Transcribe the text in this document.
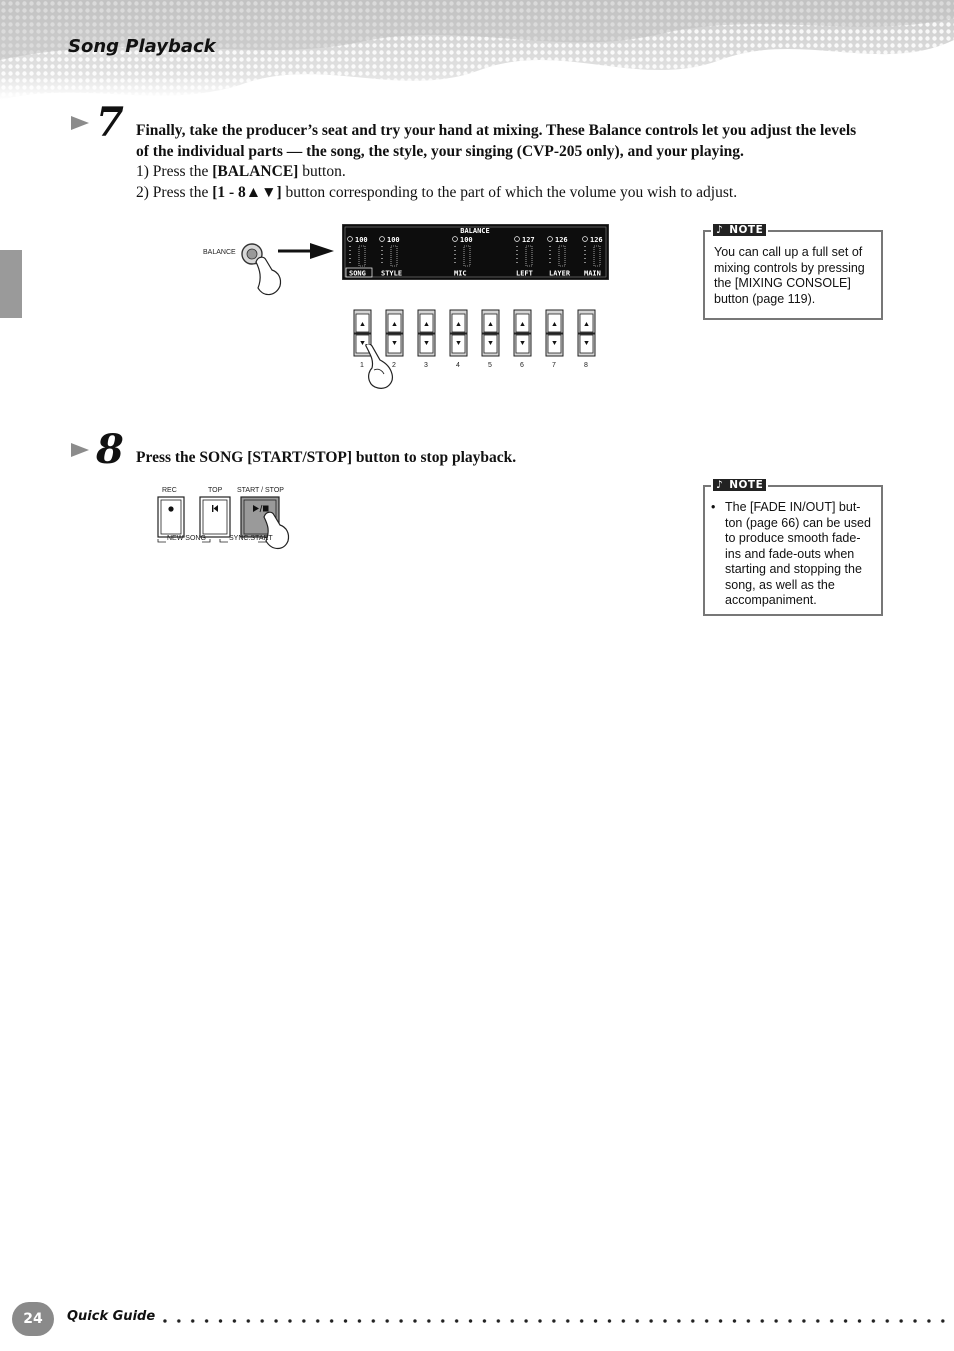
Song Playback
7 Finally, take the producer’s seat and try your hand at mixing. These Balance controls let you adjust the levels
of the individual parts — the song, the style, your singing (CVP-205 only), and your playing.
1) Press the [BALANCE] button.
2) Press the [1 - 8▲▼] button corresponding to the part of which the volume you wish to adjust.
BALANCE
BALANCE
100
SONG
100
STYLE
100
MIC
127
LEFT
126
LAYER
126
MAIN
1	2	3	4	5	6	7	8
♪ NOTE
You can call up a full set of
mixing controls by pressing
the [MIXING CONSOLE]
button (page 119).
8 Press the SONG [START/STOP] button to stop playback.
REC	TOP START / STOP
NEW SONG	SYNC.START
♪ NOTE
• The [FADE IN/OUT] but-
ton (page 66) can be used
to produce smooth fade-
ins and fade-outs when
starting and stopping the
song, as well as the
accompaniment.
24	Quick Guide
